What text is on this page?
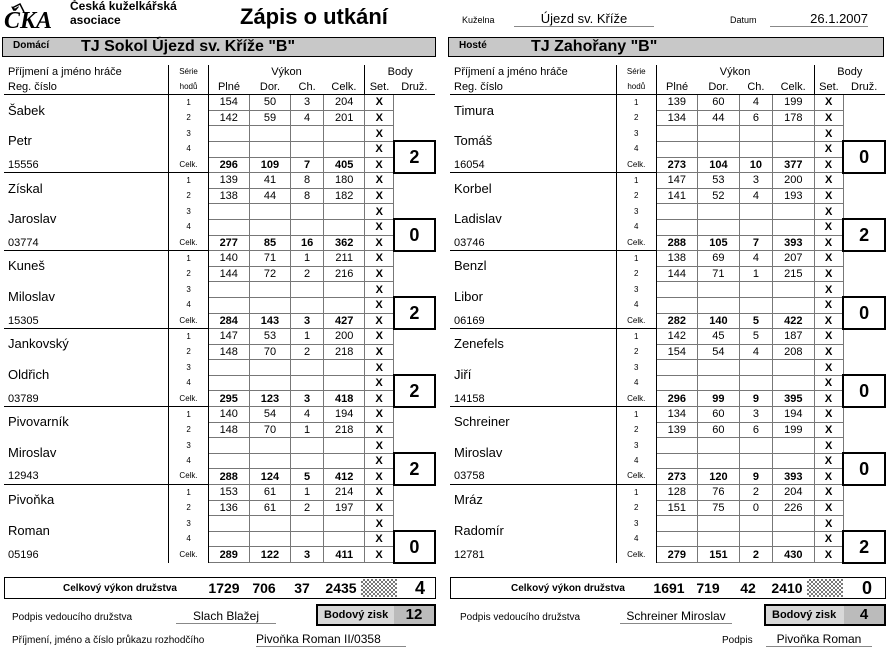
ČKA
Česká kuželkářská
asociace	Zápis o utkání	Kuželna	Újezd sv. Kříže	Datum	26.1.2007
Domácí TJ Sokol Újezd sv. Kříže "B"	Hosté	TJ Zahořany "B"
Příjmení a jméno hráče	Série	Výkon				Body	
Reg. číslo	hodů	Plné	Dor.	Ch.	Celk.	Set.	Druž.
Šabek	1	154	50	3	204	X	
	2	142	59	4	201	X	
Petr	3					X	
	4					X	2
15556	Celk.	296	109	7	405	X	
Získal	1	139	41	8	180	X	
	2	138	44	8	182	X	
Jaroslav	3					X	
	4					X	0
03774	Celk.	277	85	16	362	X	
Kuneš	1	140	71	1	211	X	
	2	144	72	2	216	X	
Miloslav	3					X	
	4					X	2
15305	Celk.	284	143	3	427	X	
Jankovský	1	147	53	1	200	X	
	2	148	70	2	218	X	
Oldřich	3					X	
	4					X	2
03789	Celk.	295	123	3	418	X	
Pivovarník	1	140	54	4	194	X	
	2	148	70	1	218	X	
Miroslav	3					X	
	4					X	2
12943	Celk.	288	124	5	412	X	
Pivoňka	1	153	61	1	214	X	
	2	136	61	2	197	X	
Roman	3					X	
	4					X	0
05196	Celk.	289	122	3	411	X	
Příjmení a jméno hráče	Série	Výkon				Body	
Reg. číslo	hodů	Plné	Dor.	Ch.	Celk.	Set.	Druž.
Timura	1	139	60	4	199	X	
	2	134	44	6	178	X	
Tomáš	3					X	
	4					X	0
16054	Celk.	273	104	10	377	X	
Korbel	1	147	53	3	200	X	
	2	141	52	4	193	X	
Ladislav	3					X	
	4					X	2
03746	Celk.	288	105	7	393	X	
Benzl	1	138	69	4	207	X	
	2	144	71	1	215	X	
Libor	3					X	
	4					X	0
06169	Celk.	282	140	5	422	X	
Zenefels	1	142	45	5	187	X	
	2	154	54	4	208	X	
Jiří	3					X	
	4					X	0
14158	Celk.	296	99	9	395	X	
Schreiner	1	134	60	3	194	X	
	2	139	60	6	199	X	
Miroslav	3					X	
	4					X	0
03758	Celk.	273	120	9	393	X	
Mráz	1	128	76	2	204	X	
	2	151	75	0	226	X	
Radomír	3					X	
	4					X	2
12781	Celk.	279	151	2	430	X	
Celkový výkon družstva 1729 706	37	2435	4	Celkový výkon družstva	1691 719	42	2410	0
Podpis vedoucího družstva	Slach Blažej	Bodový zisk	12	Podpis vedoucího družstva	Schreiner Miroslav	Bodový zisk	4
Příjmení, jméno a číslo průkazu rozhodčího	Pivoňka Roman II/0358	Podpis	Pivoňka Roman
